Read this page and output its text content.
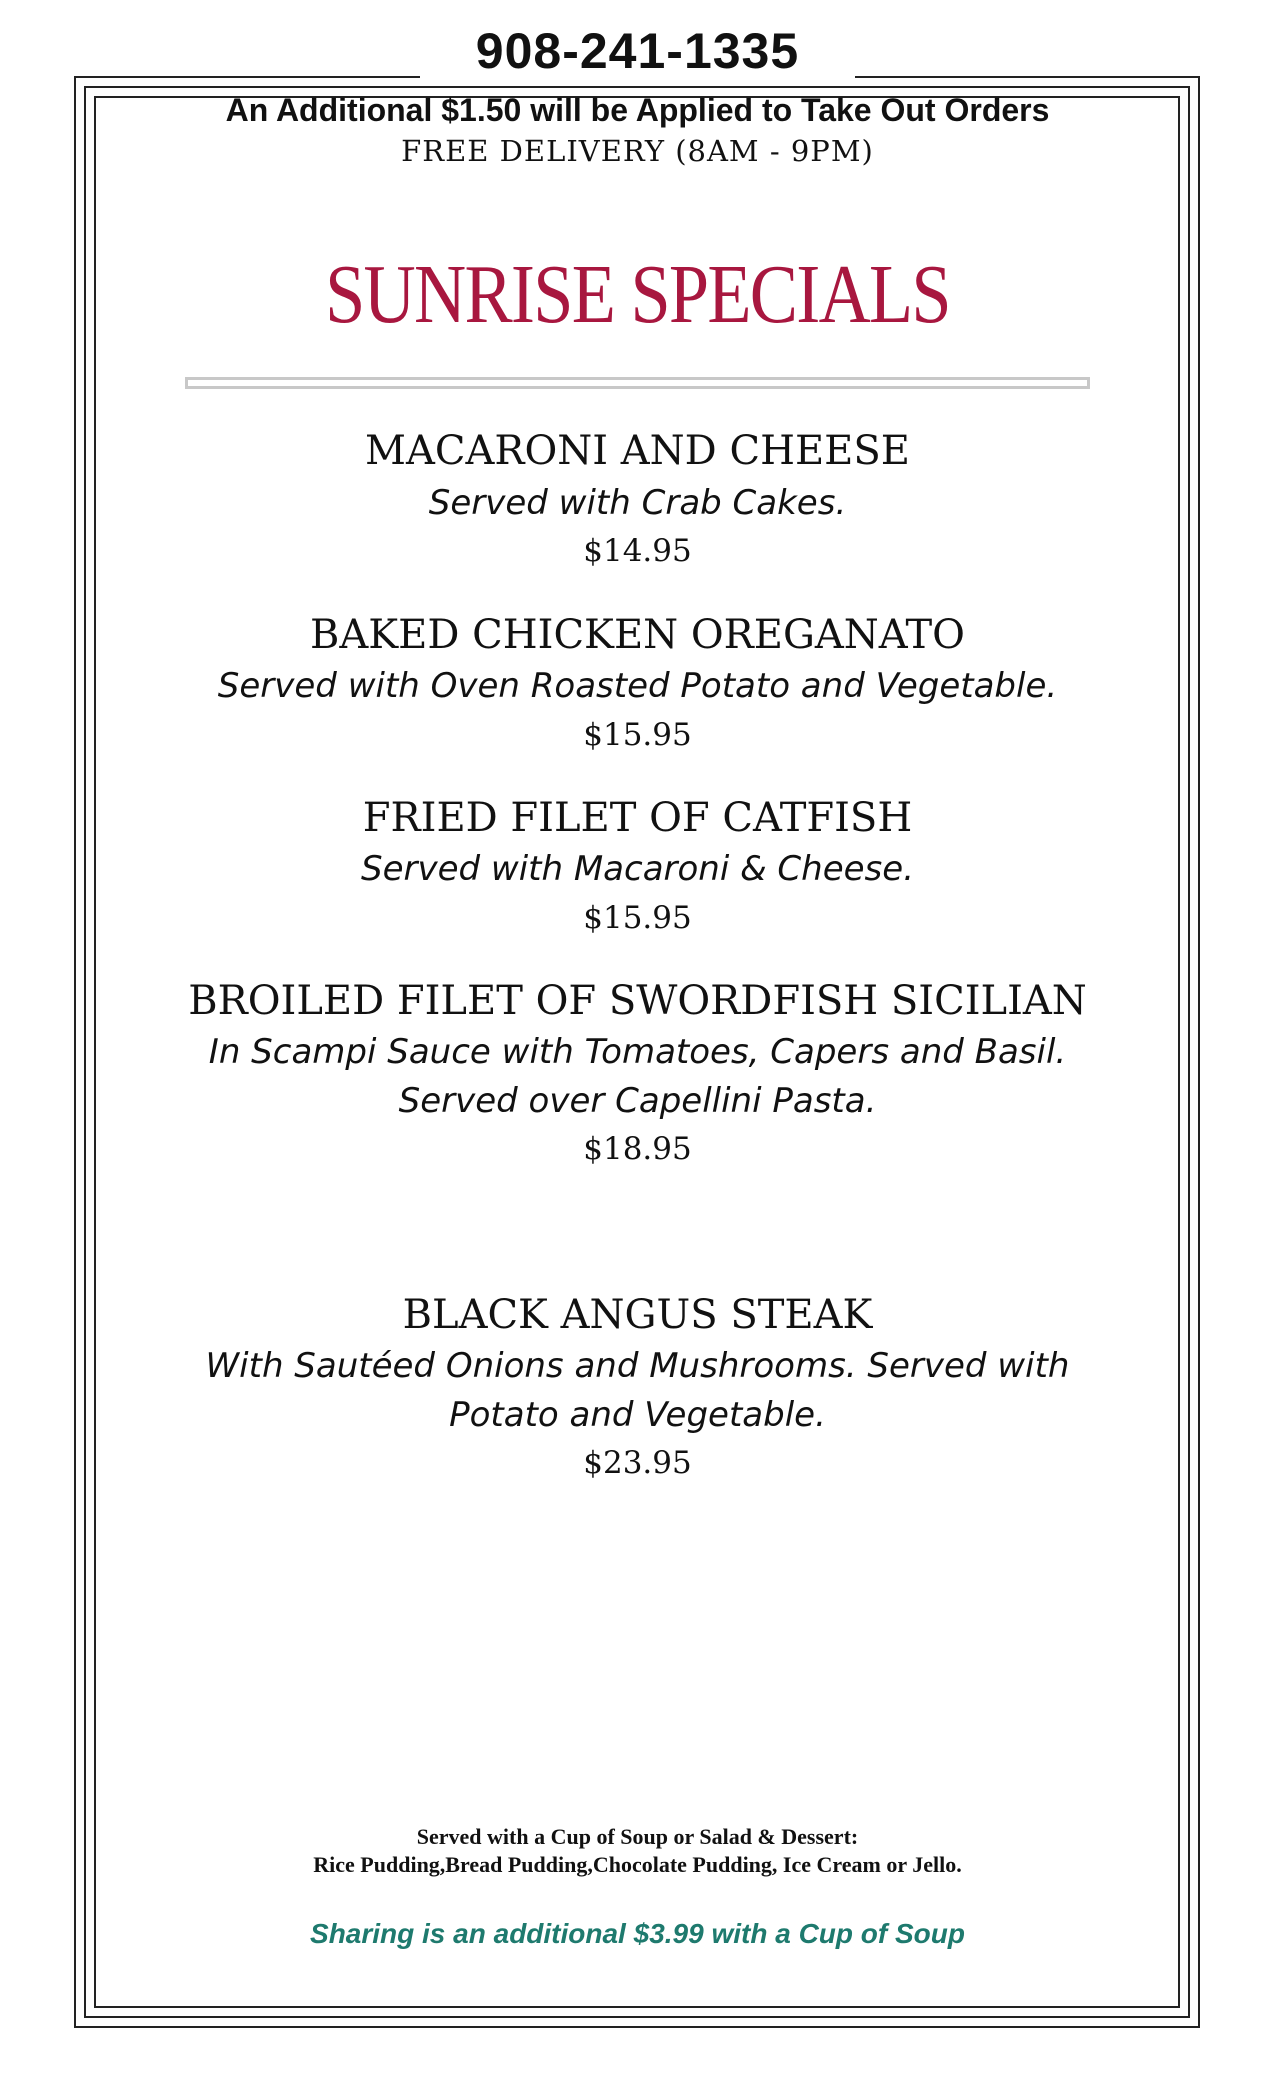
908-241-1335
An Additional $1.50 will be Applied to Take Out Orders
FREE DELIVERY (8AM - 9PM)
SUNRISE SPECIALS
MACARONI AND CHEESE
Served with Crab Cakes.
$14.95
BAKED CHICKEN OREGANATO
Served with Oven Roasted Potato and Vegetable.
$15.95
FRIED FILET OF CATFISH
Served with Macaroni & Cheese.
$15.95
BROILED FILET OF SWORDFISH SICILIAN
In Scampi Sauce with Tomatoes, Capers and Basil.
Served over Capellini Pasta.
$18.95
BLACK ANGUS STEAK
With Sautéed Onions and Mushrooms. Served with
Potato and Vegetable.
$23.95
Served with a Cup of Soup or Salad & Dessert:
Rice Pudding,Bread Pudding,Chocolate Pudding, Ice Cream or Jello.
Sharing is an additional $3.99 with a Cup of Soup
